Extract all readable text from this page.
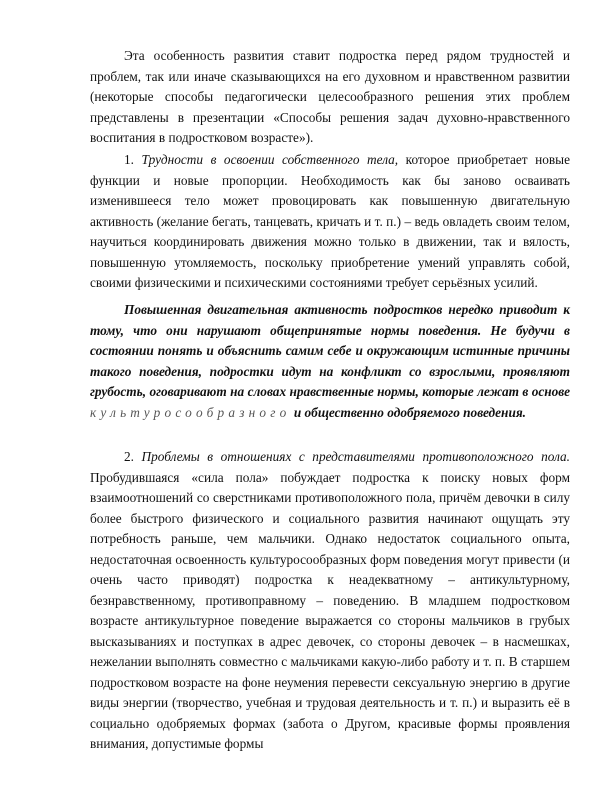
Эта особенность развития ставит подростка перед рядом трудностей и проблем, так или иначе сказывающихся на его духовном и нравственном развитии (некоторые способы педагогически целесообразного решения этих проблем представлены в презентации «Способы решения задач духовно-нравственного воспитания в подростковом возрасте»).

1. Трудности в освоении собственного тела, которое приобретает новые функции и новые пропорции. Необходимость как бы заново осваивать изменившееся тело может провоцировать как повышенную двигательную активность (желание бегать, танцевать, кричать и т. п.) – ведь овладеть своим телом, научиться координировать движения можно только в движении, так и вялость, повышенную утомляемость, поскольку приобретение умений управлять собой, своими физическими и психическими состояниями требует серьёзных усилий.

Повышенная двигательная активность подростков нередко приводит к тому, что они нарушают общепринятые нормы поведения. Не будучи в состоянии понять и объяснить самим себе и окружающим истинные причины такого поведения, подростки идут на конфликт со взрослыми, проявляют грубость, оговаривают на словах нравственные нормы, которые лежат в основе культуросообразного и общественно одобряемого поведения.

2. Проблемы в отношениях с представителями противоположного пола. Пробудившаяся «сила пола» побуждает подростка к поиску новых форм взаимоотношений со сверстниками противоположного пола, причём девочки в силу более быстрого физического и социального развития начинают ощущать эту потребность раньше, чем мальчики. Однако недостаток социального опыта, недостаточная освоенность культуросообразных форм поведения могут привести (и очень часто приводят) подростка к неадекватному – антикультурному, безнравственному, противоправному – поведению. В младшем подростковом возрасте антикультурное поведение выражается со стороны мальчиков в грубых высказываниях и поступках в адрес девочек, со стороны девочек – в насмешках, нежелании выполнять совместно с мальчиками какую-либо работу и т. п. В старшем подростковом возрасте на фоне неумения перевести сексуальную энергию в другие виды энергии (творчество, учебная и трудовая деятельность и т. п.) и выразить её в социально одобряемых формах (забота о Другом, красивые формы проявления внимания, допустимые формы
